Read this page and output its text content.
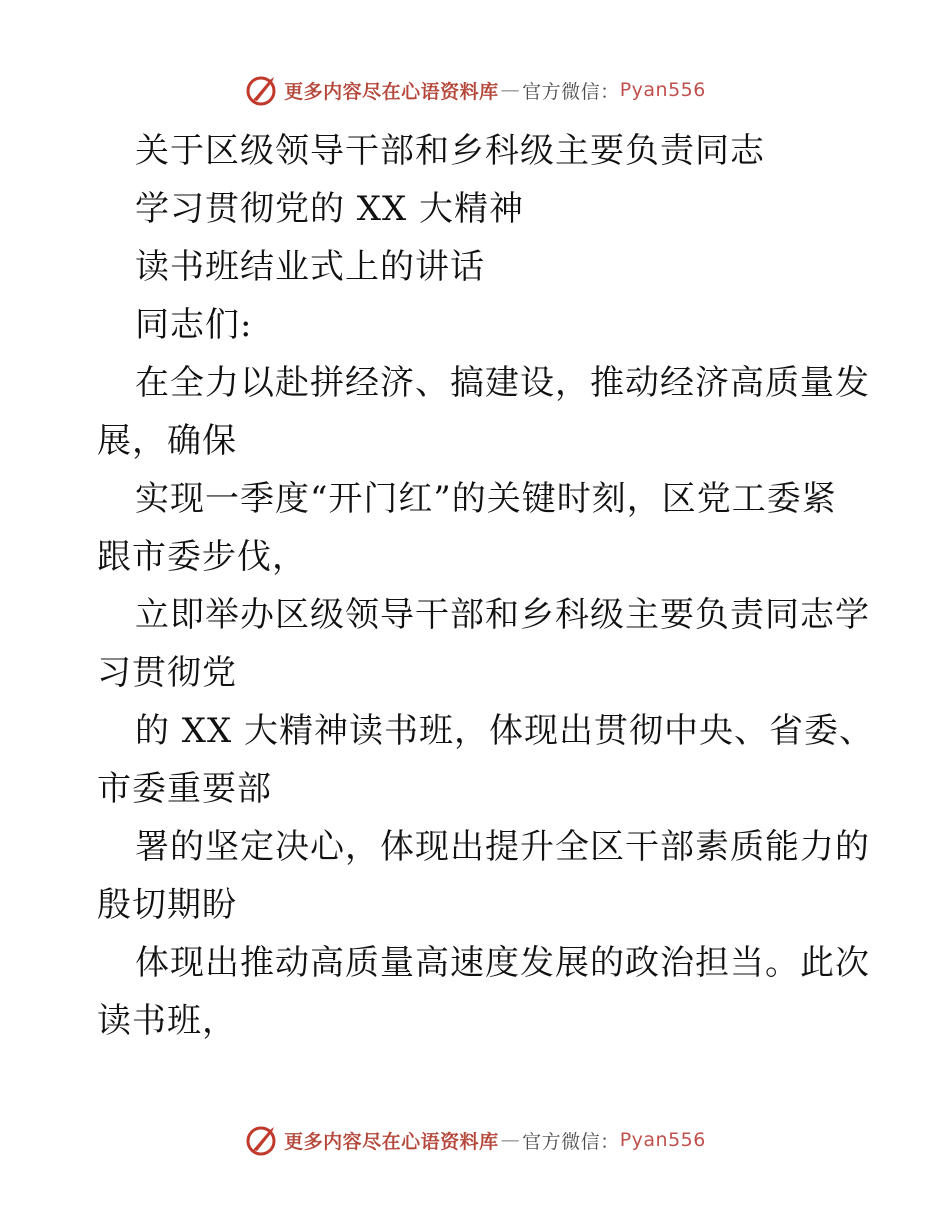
更多内容尽在心语资料库 — 官方微信： Pyan556

关于区级领导干部和乡科级主要负责同志

学习贯彻党的 XX 大精神

读书班结业式上的讲话

同志们:

在全力以赴拼经济、搞建设，推动经济高质量发

展，确保

实现一季度“开门红”的关键时刻，区党工委紧

跟市委步伐，

立即举办区级领导干部和乡科级主要负责同志学

习贯彻党

的 XX 大精神读书班，体现出贯彻中央、省委、

市委重要部

署的坚定决心，体现出提升全区干部素质能力的

殷切期盼

体现出推动高质量高速度发展的政治担当。此次

读书班，

更多内容尽在心语资料库 — 官方微信： Pyan556
